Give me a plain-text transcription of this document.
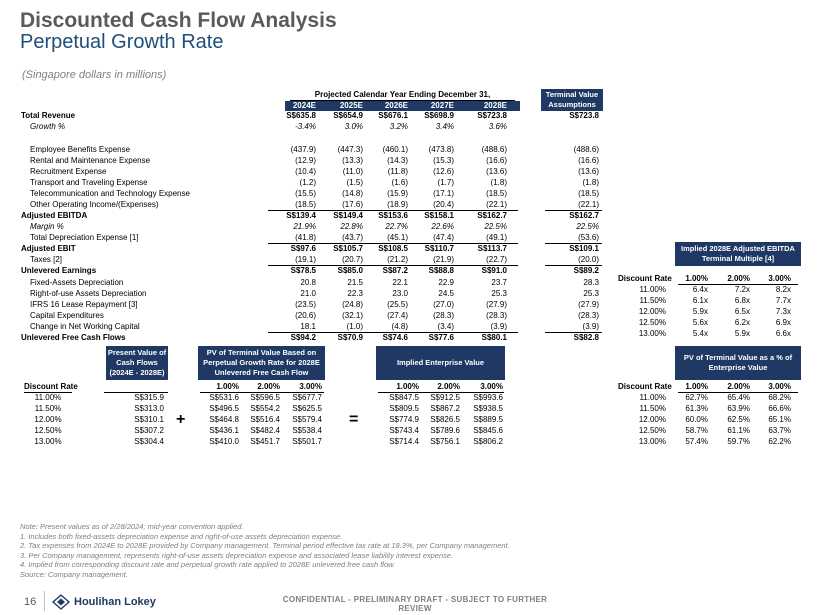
Discounted Cash Flow Analysis
Perpetual Growth Rate
(Singapore dollars in millions)
Projected Calendar Year Ending December 31,	Terminal Value Assumptions
2024E	2025E	2026E	2027E	2028E
Total Revenue	S$635.8	S$654.9	S$676.1	S$698.9	S$723.8	S$723.8
Growth %	-3.4%	3.0%	3.2%	3.4%	3.6%
Employee Benefits Expense	(437.9)	(447.3)	(460.1)	(473.8)	(488.6)	(488.6)
Rental and Maintenance Expense	(12.9)	(13.3)	(14.3)	(15.3)	(16.6)	(16.6)
Recruitment Expense	(10.4)	(11.0)	(11.8)	(12.6)	(13.6)	(13.6)
Transport and Traveling Expense	(1.2)	(1.5)	(1.6)	(1.7)	(1.8)	(1.8)
Telecommunication and Technology Expense	(15.5)	(14.8)	(15.9)	(17.1)	(18.5)	(18.5)
Other Operating Income/(Expenses)	(18.5)	(17.6)	(18.9)	(20.4)	(22.1)	(22.1)
Adjusted EBITDA	S$139.4	S$149.4	S$153.6	S$158.1	S$162.7	S$162.7
Margin %	21.9%	22.8%	22.7%	22.6%	22.5%	22.5%
Total Depreciation Expense [1]	(41.8)	(43.7)	(45.1)	(47.4)	(49.1)	(53.6)
Adjusted EBIT	S$97.6	S$105.7	S$108.5	S$110.7	S$113.7	S$109.1
Taxes [2]	(19.1)	(20.7)	(21.2)	(21.9)	(22.7)	(20.0)
Unlevered Earnings	S$78.5	S$85.0	S$87.2	S$88.8	S$91.0	S$89.2
Fixed-Assets Depreciation	20.8	21.5	22.1	22.9	23.7	28.3
Right-of-use Assets Depreciation	21.0	22.3	23.0	24.5	25.3	25.3
IFRS 16 Lease Repayment [3]	(23.5)	(24.8)	(25.5)	(27.0)	(27.9)	(27.9)
Capital Expenditures	(20.6)	(32.1)	(27.4)	(28.3)	(28.3)	(28.3)
Change in Net Working Capital	18.1	(1.0)	(4.8)	(3.4)	(3.9)	(3.9)
Unlevered Free Cash Flows	S$94.2	S$70.9	S$74.6	S$77.6	S$80.1	S$82.8
Implied 2028E Adjusted EBITDA Terminal Multiple [4]
Discount Rate	1.00%	2.00%	3.00%
11.00%	6.4x	7.2x	8.2x
11.50%	6.1x	6.8x	7.7x
12.00%	5.9x	6.5x	7.3x
12.50%	5.6x	6.2x	6.9x
13.00%	5.4x	5.9x	6.6x
Present Value of Cash Flows (2024E - 2028E)
PV of Terminal Value Based on Perpetual Growth Rate for 2028E Unlevered Free Cash Flow
Implied Enterprise Value
PV of Terminal Value as a % of Enterprise Value
+	=
Discount Rate	1.00%	2.00%	3.00%	1.00%	2.00%	3.00%	Discount Rate	1.00%	2.00%	3.00%
11.00%	S$315.9	S$531.6	S$596.5	S$677.7	S$847.5	S$912.5	S$993.6	11.00%	62.7%	65.4%	68.2%
11.50%	S$313.0	S$496.5	S$554.2	S$625.5	S$809.5	S$867.2	S$938.5	11.50%	61.3%	63.9%	66.6%
12.00%	S$310.1	S$464.8	S$516.4	S$579.4	S$774.9	S$826.5	S$889.5	12.00%	60.0%	62.5%	65.1%
12.50%	S$307.2	S$436.1	S$482.4	S$538.4	S$743.4	S$789.6	S$845.6	12.50%	58.7%	61.1%	63.7%
13.00%	S$304.4	S$410.0	S$451.7	S$501.7	S$714.4	S$756.1	S$806.2	13.00%	57.4%	59.7%	62.2%
Note: Present values as of 2/28/2024; mid-year convention applied.
1. Includes both fixed-assets depreciation expense and right-of-use assets depreciation expense.
2. Tax expenses from 2024E to 2028E provided by Company management. Terminal period effective tax rate at 18.3%, per Company management.
3. Per Company management, represents right-of-use assets depreciation expense and associated lease liability interest expense.
4. Implied from corresponding discount rate and perpetual growth rate applied to 2028E unlevered free cash flow.
Source: Company management.
16	Houlihan Lokey	CONFIDENTIAL - PRELIMINARY DRAFT - SUBJECT TO FURTHER REVIEW
